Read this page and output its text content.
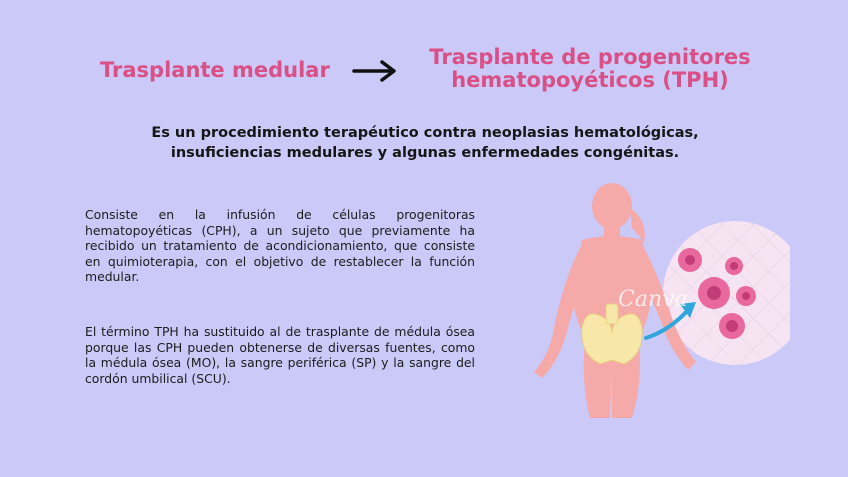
Trasplante medular
Trasplante de progenitores
hematopoyéticos (TPH)
Es un procedimiento terapéutico contra neoplasias hematológicas,
insuficiencias medulares y algunas enfermedades congénitas.
Consiste en la infusión de células progenitoras hematopoyéticas (CPH), a un sujeto que previamente ha recibido un tratamiento de acondicionamiento, que consiste en quimioterapia, con el objetivo de restablecer la función medular.
El término TPH ha sustituido al de trasplante de médula ósea porque las CPH pueden obtenerse de diversas fuentes, como la médula ósea (MO), la sangre periférica (SP) y la sangre del cordón umbilical (SCU).
Canva
